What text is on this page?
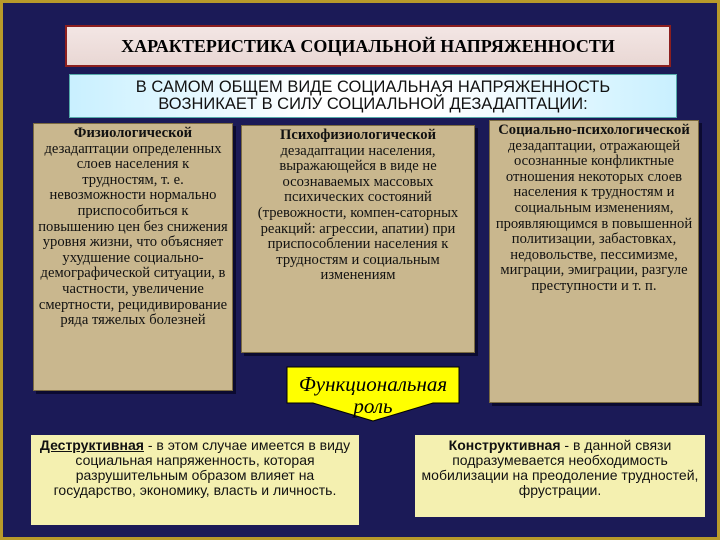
ХАРАКТЕРИСТИКА СОЦИАЛЬНОЙ НАПРЯЖЕННОСТИ
В САМОМ ОБЩЕМ ВИДЕ СОЦИАЛЬНАЯ НАПРЯЖЕННОСТЬ
ВОЗНИКАЕТ В СИЛУ СОЦИАЛЬНОЙ ДЕЗАДАПТАЦИИ:
Физиологической
дезадаптации определенных слоев населения к трудностям, т. е. невозможности нормально приспособиться к повышению цен без снижения уровня жизни, что объясняет ухудшение социально-демографической ситуации, в частности, увеличение смертности, рецидивирование ряда тяжелых болезней
Психофизиологической
дезадаптации населения, выражающейся в виде не осознаваемых массовых психических состояний (тревожности, компен-саторных реакций: агрессии, апатии) при приспособлении населения к трудностям и социальным изменениям
Социально-психологической
дезадаптации, отражающей осознанные конфликтные отношения некоторых слоев населения к трудностям и социальным изменениям, проявляющимся в повышенной политизации, забастовках, недовольстве, пессимизме, миграции, эмиграции, разгуле преступности и т. п.
Функциональная
роль
Деструктивная - в этом случае имеется в виду социальная напряженность, которая разрушительным образом влияет на государство, экономику, власть и личность.
Конструктивная - в данной связи подразумевается необходимость мобилизации на преодоление трудностей, фрустрации.
